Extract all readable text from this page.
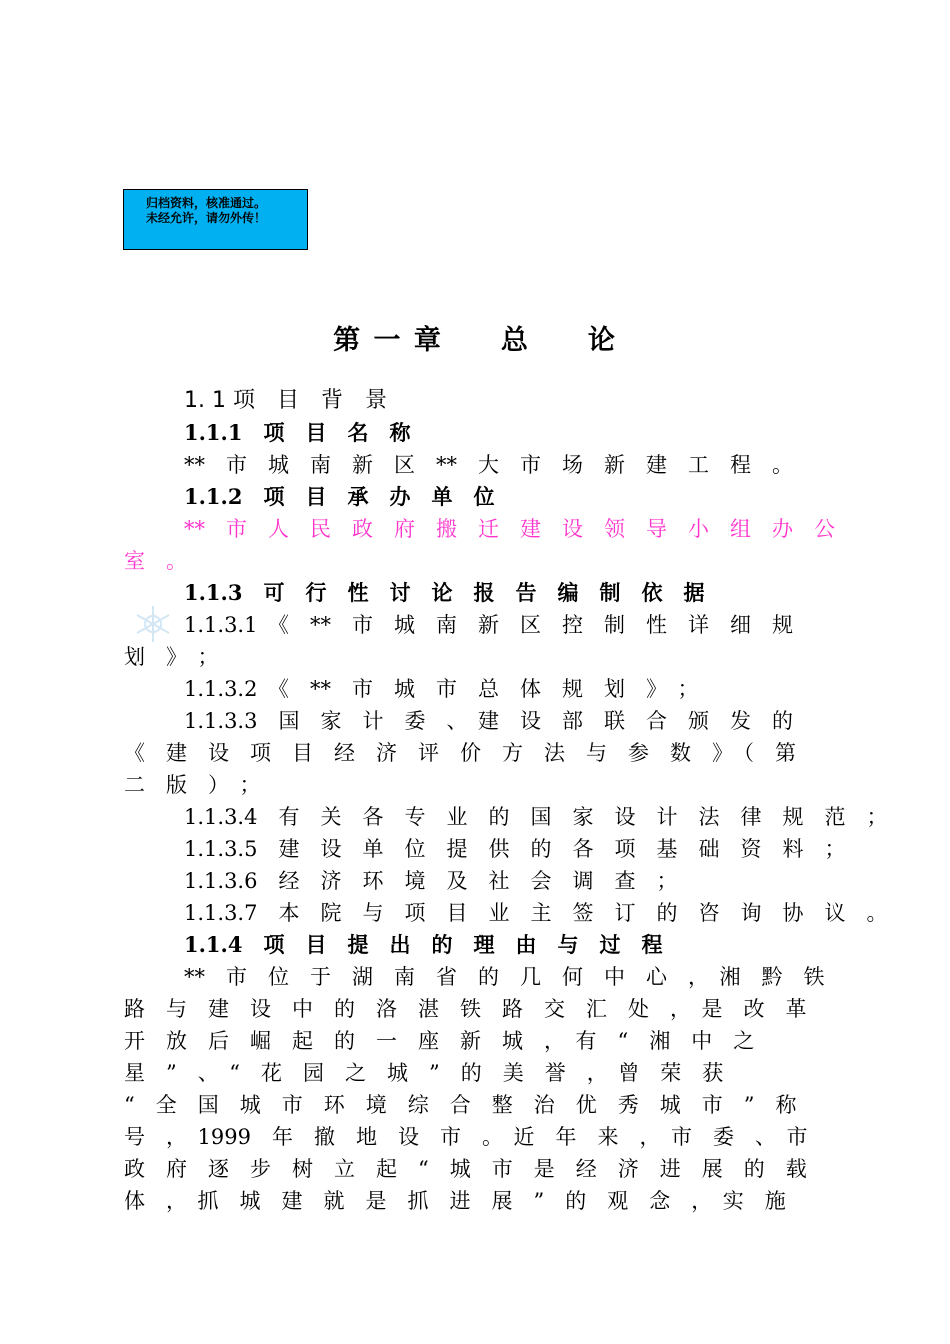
归档资料，核准通过。
未经允许，请勿外传！
第 一 章　　总　　论
1. 1 项　目　背　景
1.1.1　项　目　名　称
**　市　城　南　新　区　**　大　市　场　新　建　工　程　。
1.1.2　项　目　承　办　单　位
**　市　人　民　政　府　搬　迁　建　设　领　导　小　组　办　公
室　。
1.1.3　可　行　性　讨　论　报　告　编　制　依　据
1.1.3.1　《　**　市　城　南　新　区　控　制　性　详　细　规
划　》　；
1.1.3.2　《　**　市　城　市　总　体　规　划　》　；
1.1.3.3　国　家　计　委　、　建　设　部　联　合　颁　发　的
《　建　设　项　目　经　济　评　价　方　法　与　参　数　》　（　第
二　版　）　；
1.1.3.4　有　关　各　专　业　的　国　家　设　计　法　律　规　范　；
1.1.3.5　建　设　单　位　提　供　的　各　项　基　础　资　料　；
1.1.3.6　经　济　环　境　及　社　会　调　查　；
1.1.3.7　本　院　与　项　目　业　主　签　订　的　咨　询　协　议　。
1.1.4　项　目　提　出　的　理　由　与　过　程
**　市　位　于　湖　南　省　的　几　何　中　心　，　湘　黔　铁
路　与　建　设　中　的　洛　湛　铁　路　交　汇　处　，　是　改　革
开　放　后　崛　起　的　一　座　新　城　，　有　“　湘　中　之
星　”　、　“　花　园　之　城　”　的　美　誉　，　曾　荣　获
“　全　国　城　市　环　境　综　合　整　治　优　秀　城　市　”　称
号　，　1999　年　撤　地　设　市　。　近　年　来　，　市　委　、　市
政　府　逐　步　树　立　起　“　城　市　是　经　济　进　展　的　载
体　，　抓　城　建　就　是　抓　进　展　”　的　观　念　，　实　施
